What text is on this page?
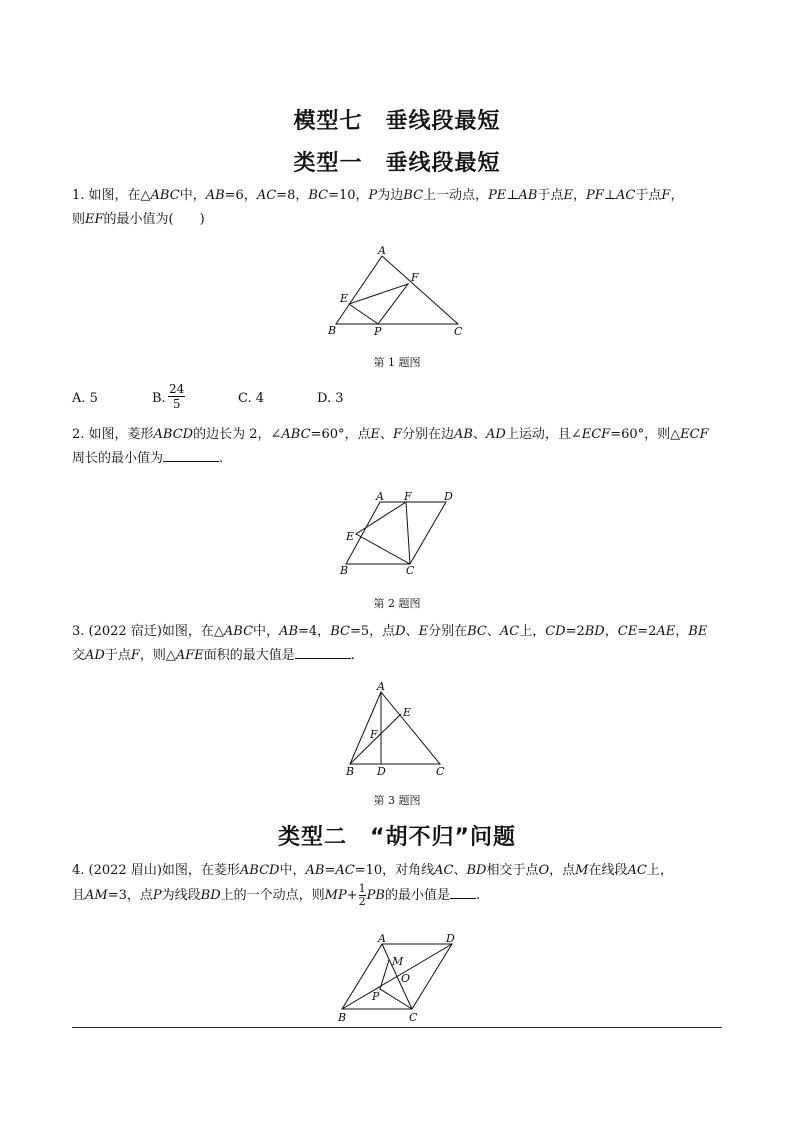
模型七　垂线段最短
类型一　垂线段最短
1. 如图，在△ABC中，AB=6，AC=8，BC=10，P为边BC上一动点，PE⊥AB于点E，PF⊥AC于点F，
则EF的最小值为(　　)
A
B	C
E
F
P
第 1 题图
A. 5	B. $\frac{24}{5}$	C. 4	D. 3
2. 如图，菱形ABCD的边长为 2，∠ABC=60°，点E、F分别在边AB、AD上运动，且∠ECF=60°，则△ECF
周长的最小值为	.
A F	D
E
B	C
第 2 题图
3. (2022 宿迁)如图，在△ABC中，AB=4，BC=5，点D、E分别在BC、AC上，CD=2BD，CE=2AE，BE
交AD于点F，则△AFE面积的最大值是	.
A
E
F
B D	C
第 3 题图
类型二　“胡不归”问题
4. (2022 眉山)如图，在菱形ABCD中，AB=AC=10，对角线AC、BD相交于点O，点M在线段AC上，
且AM=3，点P为线段BD上的一个动点，则$MP+ \frac{1}{2}$ PB的最小值是 .
A	D
M
O
P
B	C
